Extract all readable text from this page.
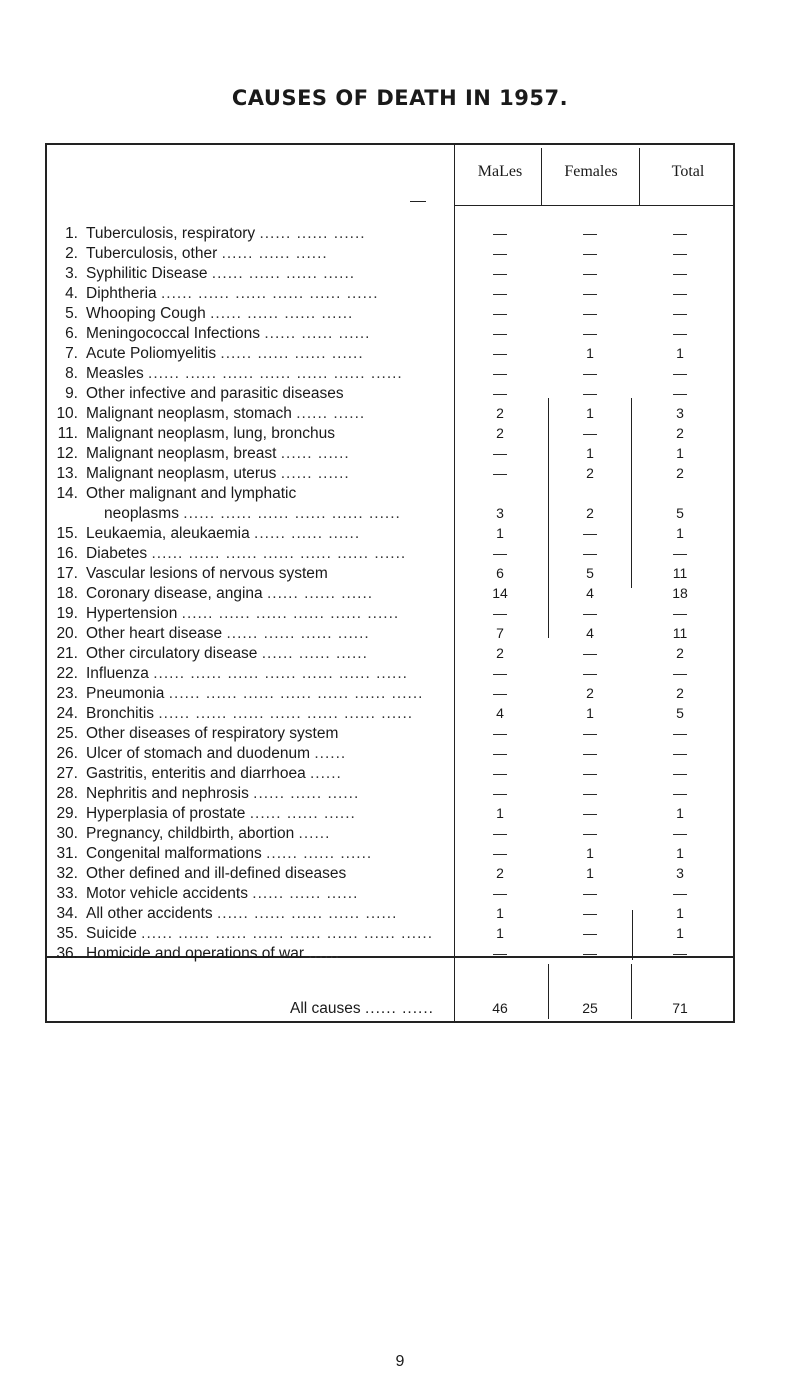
CAUSES OF DEATH IN 1957.
MaLes	Females	Total
1. Tuberculosis, respiratory ...... ...... ......	—	—	—
2. Tuberculosis, other ...... ...... ......	—	—	—
3. Syphilitic Disease ...... ...... ...... ......	—	—	—
4. Diphtheria ...... ...... ...... ...... ...... ......	—	—	—
5. Whooping Cough ...... ...... ...... ......	—	—	—
6. Meningococcal Infections ...... ...... ......	—	—	—
7. Acute Poliomyelitis ...... ...... ...... ......	—	1	1
8. Measles ...... ...... ...... ...... ...... ...... ......	—	—	—
9. Other infective and parasitic diseases	—	—	—
10. Malignant neoplasm, stomach ...... ......	2	1	3
11. Malignant neoplasm, lung, bronchus	2	—	2
12. Malignant neoplasm, breast ...... ......	—	1	1
13. Malignant neoplasm, uterus ...... ......	—	2	2
14. Other malignant and lymphatic
neoplasms ...... ...... ...... ...... ...... ......	3	2	5
15. Leukaemia, aleukaemia ...... ...... ......	1	—	1
16. Diabetes ...... ...... ...... ...... ...... ...... ......	—	—	—
17. Vascular lesions of nervous system	6	5	11
18. Coronary disease, angina ...... ...... ......	14	4	18
19. Hypertension ...... ...... ...... ...... ...... ......	—	—	—
20. Other heart disease ...... ...... ...... ......	7	4	11
21. Other circulatory disease ...... ...... ......	2	—	2
22. Influenza ...... ...... ...... ...... ...... ...... ......	—	—	—
23. Pneumonia ...... ...... ...... ...... ...... ...... ......	—	2	2
24. Bronchitis ...... ...... ...... ...... ...... ...... ......	4	1	5
25. Other diseases of respiratory system	—	—	—
26. Ulcer of stomach and duodenum ......	—	—	—
27. Gastritis, enteritis and diarrhoea ......	—	—	—
28. Nephritis and nephrosis ...... ...... ......	—	—	—
29. Hyperplasia of prostate ...... ...... ......	1	—	1
30. Pregnancy, childbirth, abortion ......	—	—	—
31. Congenital malformations ...... ...... ......	—	1	1
32. Other defined and ill-defined diseases	2	1	3
33. Motor vehicle accidents ...... ...... ......	—	—	—
34. All other accidents ...... ...... ...... ...... ......	1	—	1
35. Suicide ...... ...... ...... ...... ...... ...... ...... ......	1	—	1
36. Homicide and operations of war ......	—	—	—
All causes ...... ......	46	25	71
9
